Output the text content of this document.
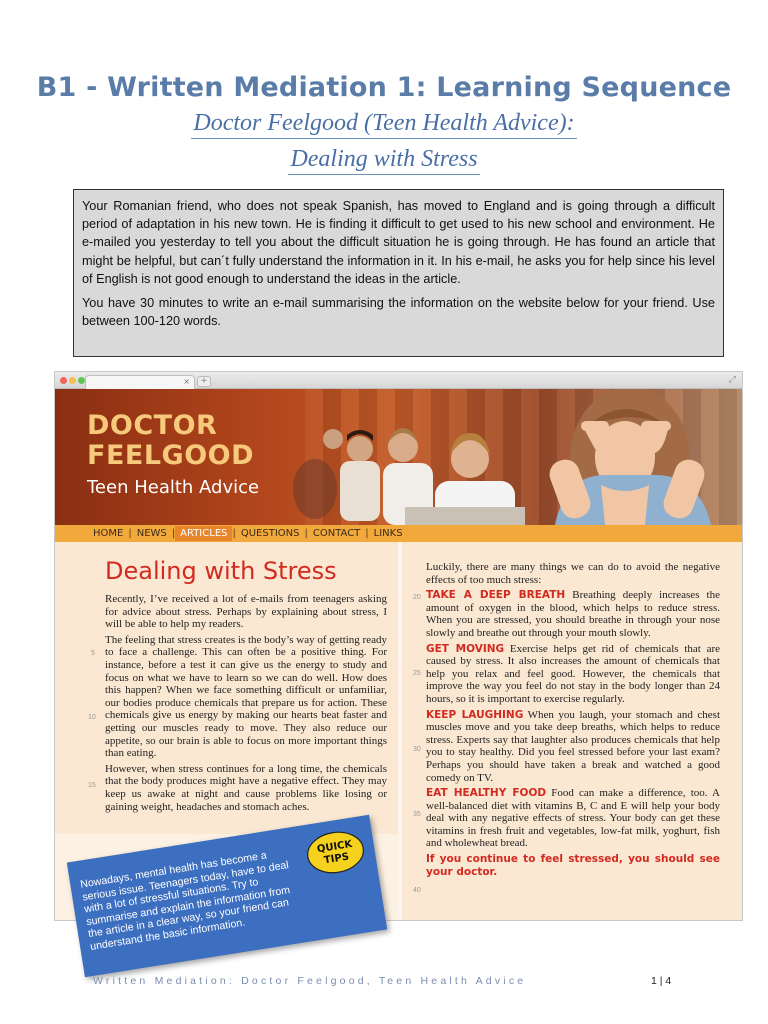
B1 - Written Mediation 1: Learning Sequence
Doctor Feelgood (Teen Health Advice):
Dealing with Stress

Your Romanian friend, who does not speak Spanish, has moved to England and is going through a difficult period of adaptation in his new town. He is finding it difficult to get used to his new school and environment. He e-mailed you yesterday to tell you about the difficult situation he is going through. He has found an article that might be helpful, but can´t fully understand the information in it. In his e-mail, he asks you for help since his level of English is not good enough to understand the ideas in the article.

You have 30 minutes to write an e-mail summarising the information on the website below for your friend. Use between 100-120 words.

×	+	⤢
DOCTOR
FEELGOOD
Teen Health Advice
HOME | NEWS | ARTICLES | QUESTIONS | CONTACT | LINKS
Dealing with Stress

Recently, I’ve received a lot of e-mails from teenagers asking for advice about stress. Perhaps by explaining about stress, I will be able to help my readers.

The feeling that stress creates is the body’s way of getting ready to face a challenge. This can often be a positive thing. For instance, before a test it can give us the energy to study and focus on what we have to learn so we can do well. How does this happen? When we face something difficult or unfamiliar, our bodies produce chemicals that prepare us for action. These chemicals give us energy by making our hearts beat faster and getting our muscles ready to move. They also reduce our appetite, so our brain is able to focus on more important things than eating.

However, when stress continues for a long time, the chemicals that the body produces might have a negative effect. They may keep us awake at night and cause problems like losing or gaining weight, headaches and stomach aches.

5
10
15

Luckily, there are many things we can do to avoid the negative effects of too much stress:

TAKE A DEEP BREATH Breathing deeply increases the amount of oxygen in the blood, which helps to reduce stress. When you are stressed, you should breathe in through your nose slowly and breathe out through your mouth slowly.

GET MOVING Exercise helps get rid of chemicals that are caused by stress. It also increases the amount of chemicals that help you relax and feel good. However, the chemicals that improve the way you feel do not stay in the body longer than 24 hours, so it is important to exercise regularly.

KEEP LAUGHING When you laugh, your stomach and chest muscles move and you take deep breaths, which helps to reduce stress. Experts say that laughter also produces chemicals that help you to stay healthy. Did you feel stressed before your last exam? Perhaps you should have taken a break and watched a good comedy on TV.

EAT HEALTHY FOOD Food can make a difference, too. A well-balanced diet with vitamins B, C and E will help your body deal with any negative effects of stress. Your body can get these vitamins in fresh fruit and vegetables, low-fat milk, yoghurt, fish and wholewheat bread.

If you continue to feel stressed, you should see your doctor.

20
25
30
35
40

Nowadays, mental health has become a serious issue. Teenagers today, have to deal with a lot of stressful situations. Try to summarise and explain the information from the article in a clear way, so your friend can understand the basic information.

QUICK
TIPS
Written Mediation: Doctor Feelgood, Teen Health Advice	1 | 4
